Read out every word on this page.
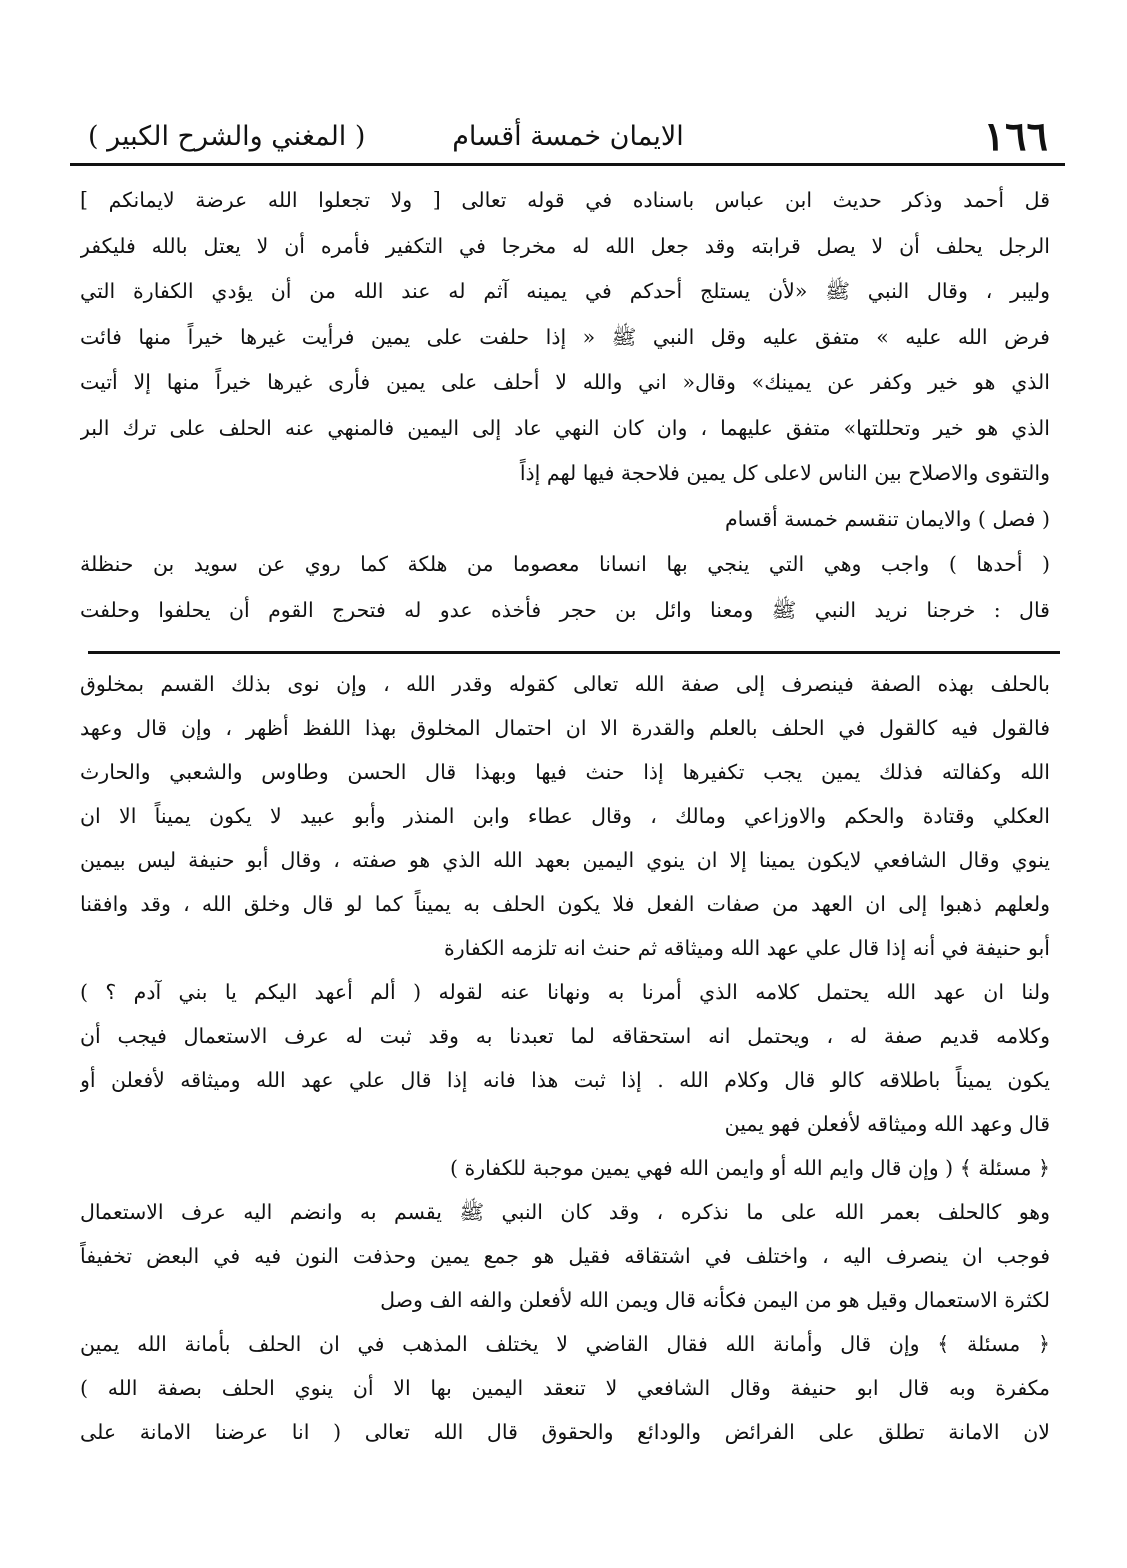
١٦٦
الايمان خمسة أقسام
( المغني والشرح الكبير )
قل أحمد وذكر حديث ابن عباس باسناده في قوله تعالى [ ولا تجعلوا الله عرضة لايمانكم ]
الرجل يحلف أن لا يصل قرابته وقد جعل الله له مخرجا في التكفير فأمره أن لا يعتل بالله فليكفر
وليبر ، وقال النبي ﷺ «لأن يستلج أحدكم في يمينه آثم له عند الله من أن يؤدي الكفارة التي
فرض الله عليه » متفق عليه وقل النبي ﷺ « إذا حلفت على يمين فرأيت غيرها خيراً منها فائت
الذي هو خير وكفر عن يمينك» وقال« اني والله لا أحلف على يمين فأرى غيرها خيراً منها إلا أتيت
الذي هو خير وتحللتها» متفق عليهما ، وان كان النهي عاد إلى اليمين فالمنهي عنه الحلف على ترك البر
والتقوى والاصلاح بين الناس لاعلى كل يمين فلاحجة فيها لهم إذاً
( فصل ) والايمان تنقسم خمسة أقسام
( أحدها ) واجب وهي التي ينجي بها انسانا معصوما من هلكة كما روي عن سويد بن حنظلة
قال : خرجنا نريد النبي ﷺ ومعنا وائل بن حجر فأخذه عدو له فتحرج القوم أن يحلفوا وحلفت
بالحلف بهذه الصفة فينصرف إلى صفة الله تعالى كقوله وقدر الله ، وإن نوى بذلك القسم بمخلوق
فالقول فيه كالقول في الحلف بالعلم والقدرة الا ان احتمال المخلوق بهذا اللفظ أظهر ، وإن قال وعهد
الله وكفالته فذلك يمين يجب تكفيرها إذا حنث فيها وبهذا قال الحسن وطاوس والشعبي والحارث
العكلي وقتادة والحكم والاوزاعي ومالك ، وقال عطاء وابن المنذر وأبو عبيد لا يكون يميناً الا ان
ينوي وقال الشافعي لايكون يمينا إلا ان ينوي اليمين بعهد الله الذي هو صفته ، وقال أبو حنيفة ليس بيمين
ولعلهم ذهبوا إلى ان العهد من صفات الفعل فلا يكون الحلف به يميناً كما لو قال وخلق الله ، وقد وافقنا
أبو حنيفة في أنه إذا قال علي عهد الله وميثاقه ثم حنث انه تلزمه الكفارة
ولنا ان عهد الله يحتمل كلامه الذي أمرنا به ونهانا عنه لقوله ( ألم أعهد اليكم يا بني آدم ؟ )
وكلامه قديم صفة له ، ويحتمل انه استحقاقه لما تعبدنا به وقد ثبت له عرف الاستعمال فيجب أن
يكون يميناً باطلاقه كالو قال وكلام الله . إذا ثبت هذا فانه إذا قال علي عهد الله وميثاقه لأفعلن أو
قال وعهد الله وميثاقه لأفعلن فهو يمين
﴿ مسئلة ﴾ ( وإن قال وايم الله أو وايمن الله فهي يمين موجبة للكفارة )
وهو كالحلف بعمر الله على ما نذكره ، وقد كان النبي ﷺ يقسم به وانضم اليه عرف الاستعمال
فوجب ان ينصرف اليه ، واختلف في اشتقاقه فقيل هو جمع يمين وحذفت النون فيه في البعض تخفيفاً
لكثرة الاستعمال وقيل هو من اليمن فكأنه قال ويمن الله لأفعلن والفه الف وصل
﴿ مسئلة ﴾ وإن قال وأمانة الله فقال القاضي لا يختلف المذهب في ان الحلف بأمانة الله يمين
مكفرة وبه قال ابو حنيفة وقال الشافعي لا تنعقد اليمين بها الا أن ينوي الحلف بصفة الله )
لان الامانة تطلق على الفرائض والودائع والحقوق قال الله تعالى ( انا عرضنا الامانة على
